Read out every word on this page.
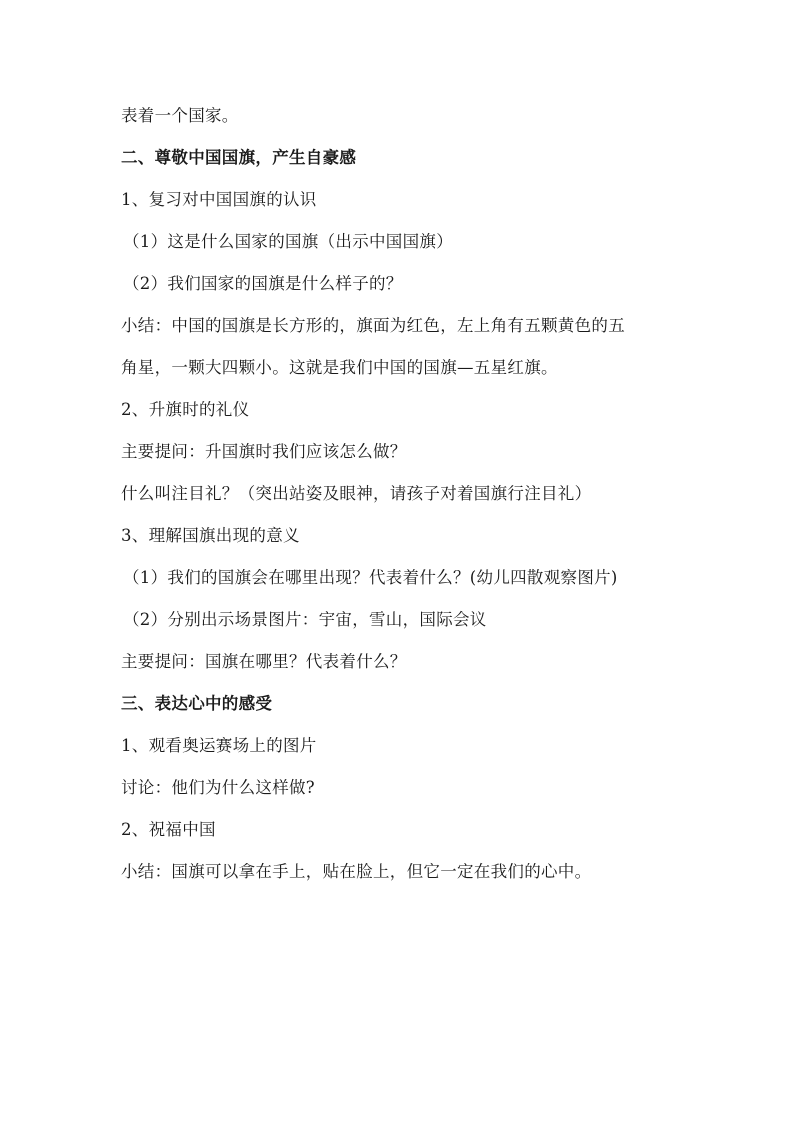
表着一个国家。
二、尊敬中国国旗，产生自豪感
1、复习对中国国旗的认识
（1）这是什么国家的国旗（出示中国国旗）
（2）我们国家的国旗是什么样子的？
小结：中国的国旗是长方形的，旗面为红色，左上角有五颗黄色的五
角星，一颗大四颗小。这就是我们中国的国旗—五星红旗。
2、升旗时的礼仪
主要提问：升国旗时我们应该怎么做？
什么叫注目礼？（突出站姿及眼神，请孩子对着国旗行注目礼）
3、理解国旗出现的意义
（1）我们的国旗会在哪里出现？代表着什么？(幼儿四散观察图片)
（2）分别出示场景图片：宇宙，雪山，国际会议
主要提问：国旗在哪里？代表着什么？
三、表达心中的感受
1、观看奥运赛场上的图片
讨论：他们为什么这样做?
2、祝福中国
小结：国旗可以拿在手上，贴在脸上，但它一定在我们的心中。
